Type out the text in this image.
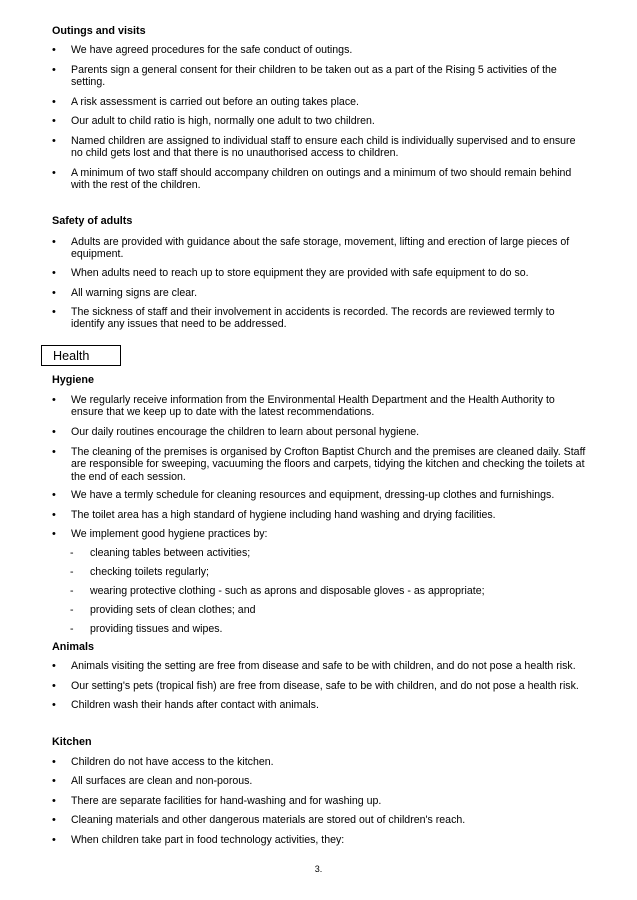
Outings and visits
• We have agreed procedures for the safe conduct of outings.
• Parents sign a general consent for their children to be taken out as a part of the Rising 5 activities of the setting.
• A risk assessment is carried out before an outing takes place.
• Our adult to child ratio is high, normally one adult to two children.
• Named children are assigned to individual staff to ensure each child is individually supervised and to ensure no child gets lost and that there is no unauthorised access to children.
• A minimum of two staff should accompany children on outings and a minimum of two should remain behind with the rest of the children.
Safety of adults
• Adults are provided with guidance about the safe storage, movement, lifting and erection of large pieces of equipment.
• When adults need to reach up to store equipment they are provided with safe equipment to do so.
• All warning signs are clear.
• The sickness of staff and their involvement in accidents is recorded. The records are reviewed termly to identify any issues that need to be addressed.
Health
Hygiene
• We regularly receive information from the Environmental Health Department and the Health Authority to ensure that we keep up to date with the latest recommendations.
• Our daily routines encourage the children to learn about personal hygiene.
• The cleaning of the premises is organised by Crofton Baptist Church and the premises are cleaned daily. Staff are responsible for sweeping, vacuuming the floors and carpets, tidying the kitchen and checking the toilets at the end of each session.
• We have a termly schedule for cleaning resources and equipment, dressing-up clothes and furnishings.
• The toilet area has a high standard of hygiene including hand washing and drying facilities.
• We implement good hygiene practices by:
- cleaning tables between activities;
- checking toilets regularly;
- wearing protective clothing - such as aprons and disposable gloves - as appropriate;
- providing sets of clean clothes; and
- providing tissues and wipes.
Animals
• Animals visiting the setting are free from disease and safe to be with children, and do not pose a health risk.
• Our setting's pets (tropical fish) are free from disease, safe to be with children, and do not pose a health risk.
• Children wash their hands after contact with animals.
Kitchen
• Children do not have access to the kitchen.
• All surfaces are clean and non-porous.
• There are separate facilities for hand-washing and for washing up.
• Cleaning materials and other dangerous materials are stored out of children's reach.
• When children take part in food technology activities, they:
3.
